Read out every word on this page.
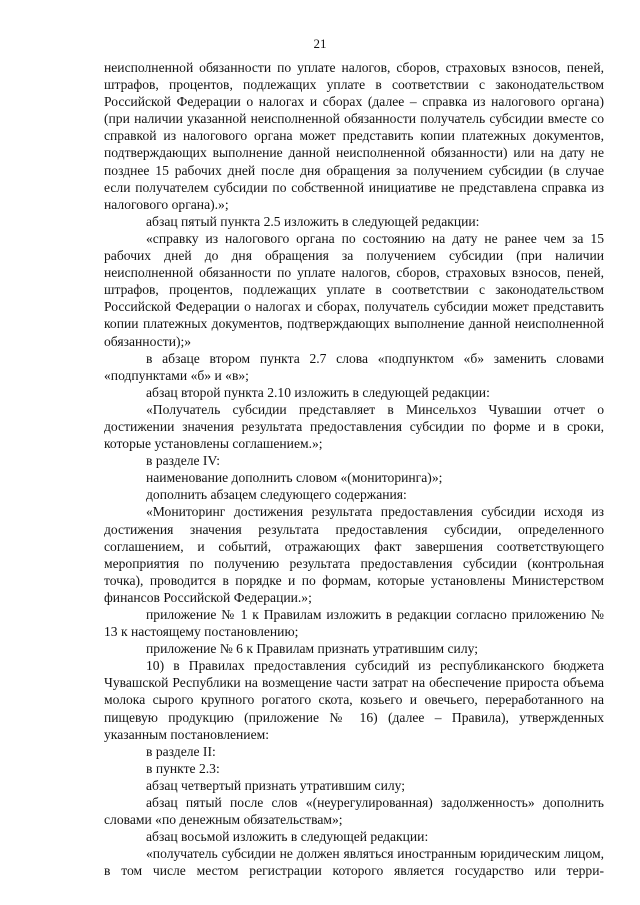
21

неисполненной обязанности по уплате налогов, сборов, страховых взносов, пеней, штрафов, процентов, подлежащих уплате в соответствии с законодательством Российской Федерации о налогах и сборах (далее – справка из налогового органа) (при наличии указанной неисполненной обязанности получатель субсидии вместе со справкой из налогового органа может представить копии платежных документов, подтверждающих выполнение данной неисполненной обязанности) или на дату не позднее 15 рабочих дней после дня обращения за получением субсидии (в случае если получателем субсидии по собственной инициативе не представлена справка из налогового органа).»;

абзац пятый пункта 2.5 изложить в следующей редакции:

«справку из налогового органа по состоянию на дату не ранее чем за 15 рабочих дней до дня обращения за получением субсидии (при наличии неисполненной обязанности по уплате налогов, сборов, страховых взносов, пеней, штрафов, процентов, подлежащих уплате в соответствии с законодательством Российской Федерации о налогах и сборах, получатель субсидии может представить копии платежных документов, подтверждающих выполнение данной неисполненной обязанности);»

в абзаце втором пункта 2.7 слова «подпунктом «б» заменить словами «подпунктами «б» и «в»;

абзац второй пункта 2.10 изложить в следующей редакции:

«Получатель субсидии представляет в Минсельхоз Чувашии отчет о достижении значения результата предоставления субсидии по форме и в сроки, которые установлены соглашением.»;

в разделе IV:

наименование дополнить словом «(мониторинга)»;

дополнить абзацем следующего содержания:

«Мониторинг достижения результата предоставления субсидии исходя из достижения значения результата предоставления субсидии, определенного соглашением, и событий, отражающих факт завершения соответствующего мероприятия по получению результата предоставления субсидии (контрольная точка), проводится в порядке и по формам, которые установлены Министерством финансов Российской Федерации.»;

приложение № 1 к Правилам изложить в редакции согласно приложению № 13 к настоящему постановлению;

приложение № 6 к Правилам признать утратившим силу;

10) в Правилах предоставления субсидий из республиканского бюджета Чувашской Республики на возмещение части затрат на обеспечение прироста объема молока сырого крупного рогатого скота, козьего и овечьего, переработанного на пищевую продукцию (приложение № 16) (далее – Правила), утвержденных указанным постановлением:

в разделе II:

в пункте 2.3:

абзац четвертый признать утратившим силу;

абзац пятый после слов «(неурегулированная) задолженность» дополнить словами «по денежным обязательствам»;

абзац восьмой изложить в следующей редакции:

«получатель субсидии не должен являться иностранным юридическим лицом, в том числе местом регистрации которого является государство или терри-
